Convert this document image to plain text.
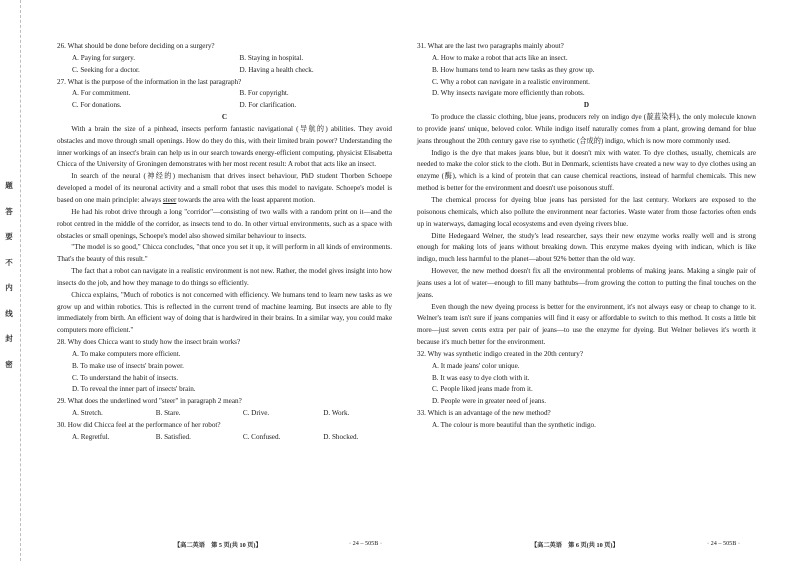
题
答
要
不
内
线
封
密

26. What should be done before deciding on a surgery?

A. Paying for surgery.	B. Staying in hospital.
C. Seeking for a doctor.	D. Having a health check.

27. What is the purpose of the information in the last paragraph?

A. For commitment.	B. For copyright.
C. For donations.	D. For clarification.
C

With a brain the size of a pinhead, insects perform fantastic navigational (导航的) abilities. They avoid obstacles and move through small openings. How do they do this, with their limited brain power? Understanding the inner workings of an insect's brain can help us in our search towards energy-efficient computing, physicist Elisabetta Chicca of the University of Groningen demonstrates with her most recent result: A robot that acts like an insect.

In search of the neural (神经的) mechanism that drives insect behaviour, PhD student Thorben Schoepe developed a model of its neuronal activity and a small robot that uses this model to navigate. Schoepe's model is based on one main principle: always steer towards the area with the least apparent motion.

He had his robot drive through a long "corridor"—consisting of two walls with a random print on it—and the robot centred in the middle of the corridor, as insects tend to do. In other virtual environments, such as a space with obstacles or small openings, Schoepe's model also showed similar behaviour to insects.

"The model is so good," Chicca concludes, "that once you set it up, it will perform in all kinds of environments. That's the beauty of this result."

The fact that a robot can navigate in a realistic environment is not new. Rather, the model gives insight into how insects do the job, and how they manage to do things so efficiently.

Chicca explains, "Much of robotics is not concerned with efficiency. We humans tend to learn new tasks as we grow up and within robotics. This is reflected in the current trend of machine learning. But insects are able to fly immediately from birth. An efficient way of doing that is hardwired in their brains. In a similar way, you could make computers more efficient."

28. Why does Chicca want to study how the insect brain works?

A. To make computers more efficient.
B. To make use of insects' brain power.
C. To understand the habit of insects.
D. To reveal the inner part of insects' brain.

29. What does the underlined word "steer" in paragraph 2 mean?

A. Stretch.	B. Stare.	C. Drive.	D. Work.

30. How did Chicca feel at the performance of her robot?

A. Regretful.	B. Satisfied.	C. Confused.	D. Shocked.

31. What are the last two paragraphs mainly about?

A. How to make a robot that acts like an insect.
B. How humans tend to learn new tasks as they grow up.
C. Why a robot can navigate in a realistic environment.
D. Why insects navigate more efficiently than robots.
D

To produce the classic clothing, blue jeans, producers rely on indigo dye (靛蓝染料), the only molecule known to provide jeans' unique, beloved color. While indigo itself naturally comes from a plant, growing demand for blue jeans throughout the 20th century gave rise to synthetic (合成的) indigo, which is now more commonly used.

Indigo is the dye that makes jeans blue, but it doesn't mix with water. To dye clothes, usually, chemicals are needed to make the color stick to the cloth. But in Denmark, scientists have created a new way to dye clothes using an enzyme (酶), which is a kind of protein that can cause chemical reactions, instead of harmful chemicals. This new method is better for the environment and doesn't use poisonous stuff.

The chemical process for dyeing blue jeans has persisted for the last century. Workers are exposed to the poisonous chemicals, which also pollute the environment near factories. Waste water from those factories often ends up in waterways, damaging local ecosystems and even dyeing rivers blue.

Ditte Hedegaard Welner, the study's lead researcher, says their new enzyme works really well and is strong enough for making lots of jeans without breaking down. This enzyme makes dyeing with indican, which is like indigo, much less harmful to the planet—about 92% better than the old way.

However, the new method doesn't fix all the environmental problems of making jeans. Making a single pair of jeans uses a lot of water—enough to fill many bathtubs—from growing the cotton to putting the final touches on the jeans.

Even though the new dyeing process is better for the environment, it's not always easy or cheap to change to it. Welner's team isn't sure if jeans companies will find it easy or affordable to switch to this method. It costs a little bit more—just seven cents extra per pair of jeans—to use the enzyme for dyeing. But Welner believes it's worth it because it's much better for the environment.

32. Why was synthetic indigo created in the 20th century?

A. It made jeans' color unique.
B. It was easy to dye cloth with it.
C. People liked jeans made from it.
D. People were in greater need of jeans.

33. Which is an advantage of the new method?

A. The colour is more beautiful than the synthetic indigo.
【高二英语　第 5 页(共 10 页)】	· 24 – 505B ·	【高二英语　第 6 页(共 10 页)】	· 24 – 505B ·
